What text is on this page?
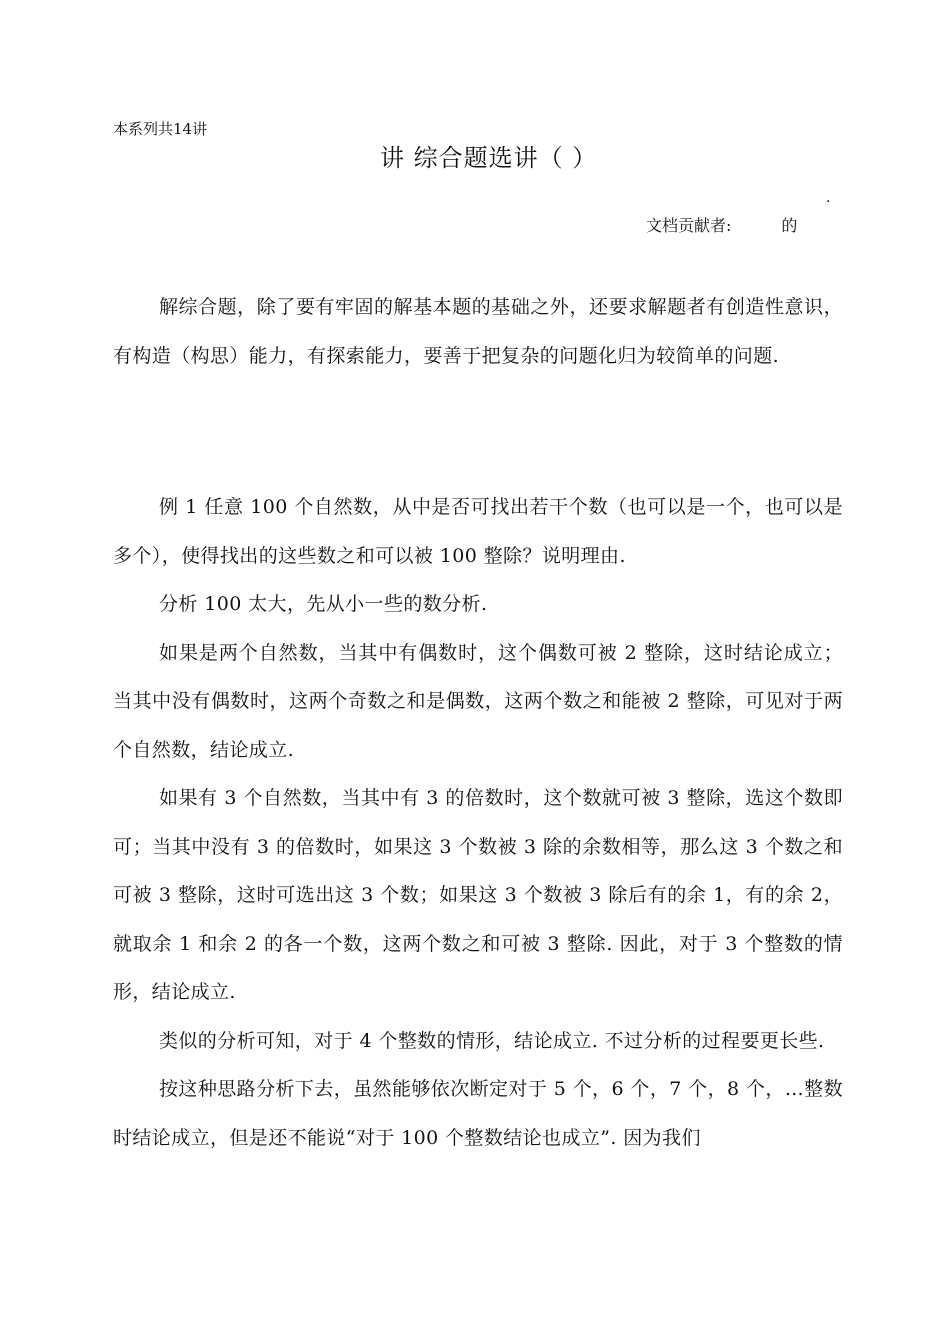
本系列共14讲
讲 综合题选讲（ ）
.
文档贡献者:	的
解综合题，除了要有牢固的解基本题的基础之外，还要求解题者有创造性意识，有构造（构思）能力，有探索能力，要善于把复杂的问题化归为较简单的问题.

例 1 任意 100 个自然数，从中是否可找出若干个数（也可以是一个，也可以是多个），使得找出的这些数之和可以被 100 整除？说明理由.

分析 100 太大，先从小一些的数分析.

如果是两个自然数，当其中有偶数时，这个偶数可被 2 整除，这时结论成立；当其中没有偶数时，这两个奇数之和是偶数，这两个数之和能被 2 整除，可见对于两个自然数，结论成立.

如果有 3 个自然数，当其中有 3 的倍数时，这个数就可被 3 整除，选这个数即可；当其中没有 3 的倍数时，如果这 3 个数被 3 除的余数相等，那么这 3 个数之和可被 3 整除，这时可选出这 3 个数；如果这 3 个数被 3 除后有的余 1，有的余 2，就取余 1 和余 2 的各一个数，这两个数之和可被 3 整除. 因此，对于 3 个整数的情形，结论成立.

类似的分析可知，对于 4 个整数的情形，结论成立. 不过分析的过程要更长些.

按这种思路分析下去，虽然能够依次断定对于 5 个，6 个，7 个，8 个，…整数时结论成立，但是还不能说“对于 100 个整数结论也成立”. 因为我们
